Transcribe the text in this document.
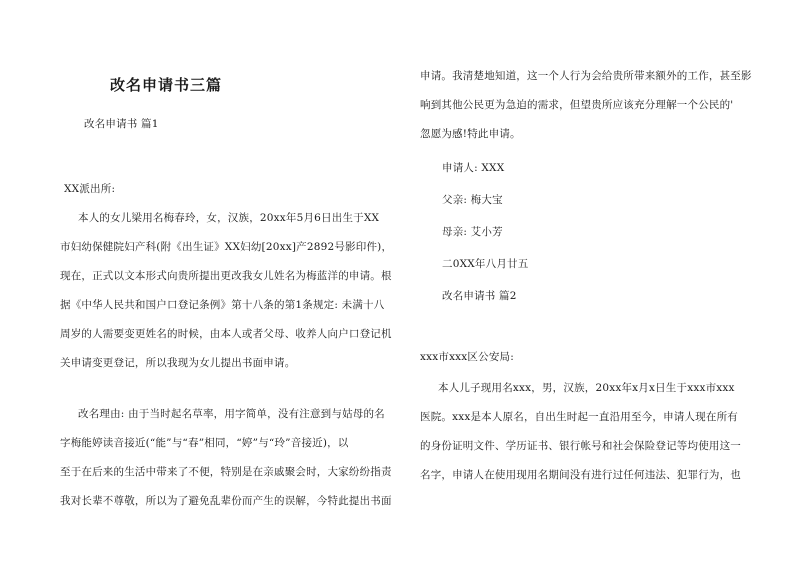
改名申请书三篇
改名申请书 篇1
XX派出所:
本人的女儿梁用名梅春玲，女，汉族，20xx年5月6日出生于XX
市妇幼保健院妇产科(附《出生证》XX妇幼[20xx]产2892号影印件)，
现在，正式以文本形式向贵所提出更改我女儿姓名为梅蓝洋的申请。根
据《中华人民共和国户口登记条例》第十八条的第1条规定: 未满十八
周岁的人需要变更姓名的时候，由本人或者父母、收养人向户口登记机
关申请变更登记，所以我现为女儿提出书面申请。
改名理由: 由于当时起名草率，用字简单，没有注意到与姑母的名
字梅能婷读音接近(“能”与“春”相同，“婷”与“玲”音接近)，以
至于在后来的生活中带来了不便，特别是在亲戚聚会时，大家纷纷指责
我对长辈不尊敬，所以为了避免乱辈份而产生的误解，今特此提出书面
申请。我清楚地知道，这一个人行为会给贵所带来额外的工作，甚至影
响到其他公民更为急迫的需求，但望贵所应该充分理解一个公民的'
忽愿为感!特此申请。
申请人: XXX
父亲: 梅大宝
母亲: 艾小芳
二0XX年八月廿五
改名申请书 篇2
xxx市xxx区公安局:
本人儿子现用名xxx，男，汉族，20xx年x月x日生于xxx市xxx
医院。xxx是本人原名，自出生时起一直沿用至今，申请人现在所有
的身份证明文件、学历证书、银行帐号和社会保险登记等均使用这一
名字，申请人在使用现用名期间没有进行过任何违法、犯罪行为，也
